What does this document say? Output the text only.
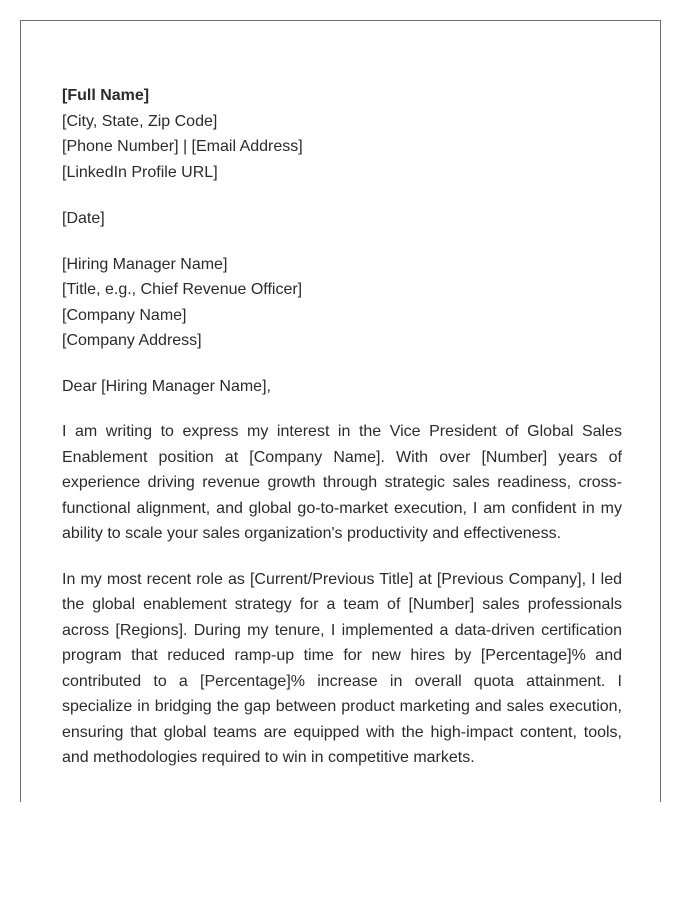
[Full Name]
[City, State, Zip Code]
[Phone Number] | [Email Address]
[LinkedIn Profile URL]
[Date]
[Hiring Manager Name]
[Title, e.g., Chief Revenue Officer]
[Company Name]
[Company Address]
Dear [Hiring Manager Name],

I am writing to express my interest in the Vice President of Global Sales Enablement position at [Company Name]. With over [Number] years of experience driving revenue growth through strategic sales readiness, cross-functional alignment, and global go-to-market execution, I am confident in my ability to scale your sales organization's productivity and effectiveness.

In my most recent role as [Current/Previous Title] at [Previous Company], I led the global enablement strategy for a team of [Number] sales professionals across [Regions]. During my tenure, I implemented a data-driven certification program that reduced ramp-up time for new hires by [Percentage]% and contributed to a [Percentage]% increase in overall quota attainment. I specialize in bridging the gap between product marketing and sales execution, ensuring that global teams are equipped with the high-impact content, tools, and methodologies required to win in competitive markets.
